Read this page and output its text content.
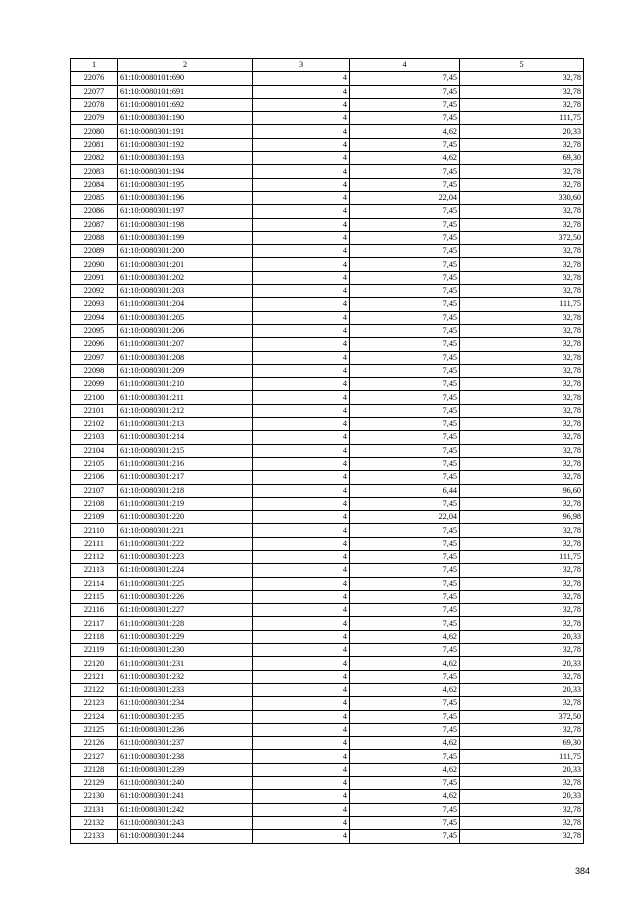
1	2	3	4	5
22076	61:10:0080101:690	4	7,45	32,78
22077	61:10:0080101:691	4	7,45	32,78
22078	61:10:0080101:692	4	7,45	32,78
22079	61:10:0080301:190	4	7,45	111,75
22080	61:10:0080301:191	4	4,62	20,33
22081	61:10:0080301:192	4	7,45	32,78
22082	61:10:0080301:193	4	4,62	69,30
22083	61:10:0080301:194	4	7,45	32,78
22084	61:10:0080301:195	4	7,45	32,78
22085	61:10:0080301:196	4	22,04	330,60
22086	61:10:0080301:197	4	7,45	32,78
22087	61:10:0080301:198	4	7,45	32,78
22088	61:10:0080301:199	4	7,45	372,50
22089	61:10:0080301:200	4	7,45	32,78
22090	61:10:0080301:201	4	7,45	32,78
22091	61:10:0080301:202	4	7,45	32,78
22092	61:10:0080301:203	4	7,45	32,78
22093	61:10:0080301:204	4	7,45	111,75
22094	61:10:0080301:205	4	7,45	32,78
22095	61:10:0080301:206	4	7,45	32,78
22096	61:10:0080301:207	4	7,45	32,78
22097	61:10:0080301:208	4	7,45	32,78
22098	61:10:0080301:209	4	7,45	32,78
22099	61:10:0080301:210	4	7,45	32,78
22100	61:10:0080301:211	4	7,45	32,78
22101	61:10:0080301:212	4	7,45	32,78
22102	61:10:0080301:213	4	7,45	32,78
22103	61:10:0080301:214	4	7,45	32,78
22104	61:10:0080301:215	4	7,45	32,78
22105	61:10:0080301:216	4	7,45	32,78
22106	61:10:0080301:217	4	7,45	32,78
22107	61:10:0080301:218	4	6,44	96,60
22108	61:10:0080301:219	4	7,45	32,78
22109	61:10:0080301:220	4	22,04	96,98
22110	61:10:0080301:221	4	7,45	32,78
22111	61:10:0080301:222	4	7,45	32,78
22112	61:10:0080301:223	4	7,45	111,75
22113	61:10:0080301:224	4	7,45	32,78
22114	61:10:0080301:225	4	7,45	32,78
22115	61:10:0080301:226	4	7,45	32,78
22116	61:10:0080301:227	4	7,45	32,78
22117	61:10:0080301:228	4	7,45	32,78
22118	61:10:0080301:229	4	4,62	20,33
22119	61:10:0080301:230	4	7,45	32,78
22120	61:10:0080301:231	4	4,62	20,33
22121	61:10:0080301:232	4	7,45	32,78
22122	61:10:0080301:233	4	4,62	20,33
22123	61:10:0080301:234	4	7,45	32,78
22124	61:10:0080301:235	4	7,45	372,50
22125	61:10:0080301:236	4	7,45	32,78
22126	61:10:0080301:237	4	4,62	69,30
22127	61:10:0080301:238	4	7,45	111,75
22128	61:10:0080301:239	4	4,62	20,33
22129	61:10:0080301:240	4	7,45	32,78
22130	61:10:0080301:241	4	4,62	20,33
22131	61:10:0080301:242	4	7,45	32,78
22132	61:10:0080301:243	4	7,45	32,78
22133	61:10:0080301:244	4	7,45	32,78
384
